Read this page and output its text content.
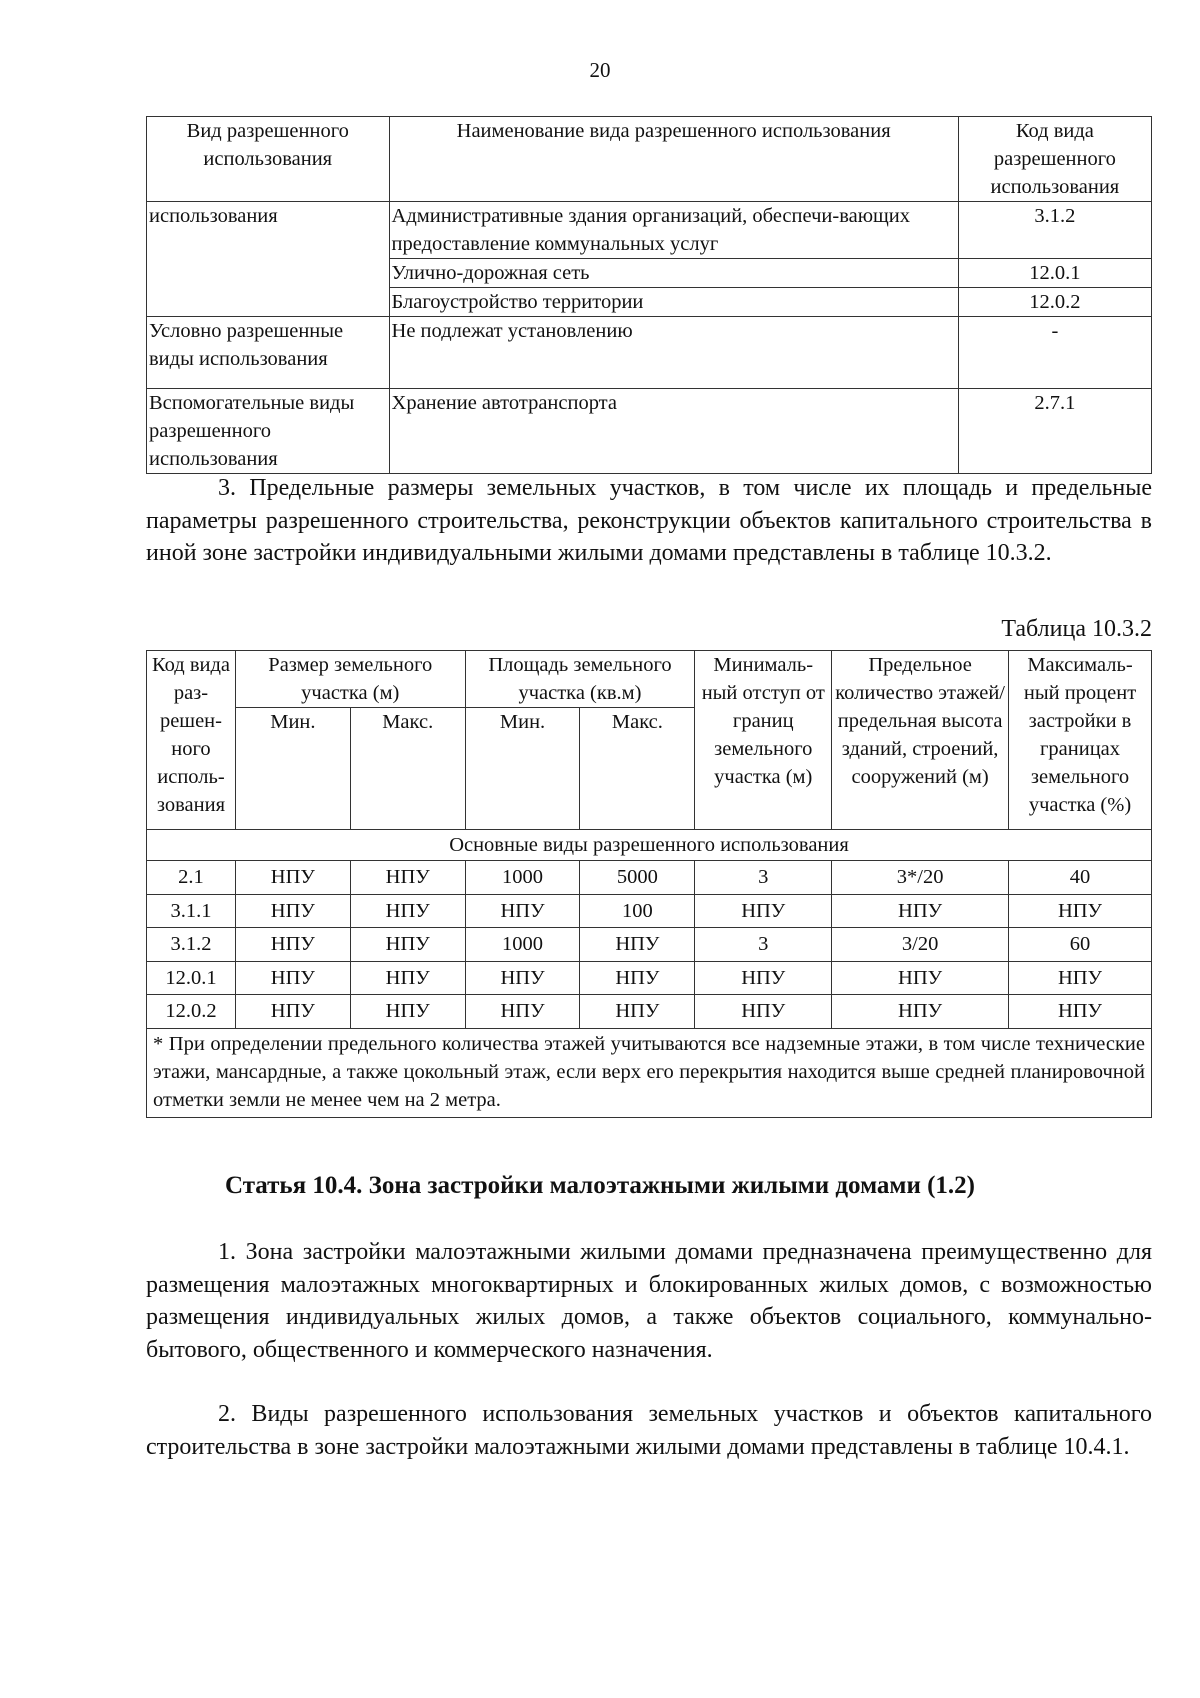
20
Вид разрешенного использования	Наименование вида разрешенного использования	Код вида разрешенного использования
использования	Административные здания организаций, обеспечи-вающих предоставление коммунальных услуг	3.1.2
	Улично-дорожная сеть	12.0.1
	Благоустройство территории	12.0.2
Условно разрешенные виды использования	Не подлежат установлению	-
Вспомогательные виды разрешенного использования	Хранение автотранспорта	2.7.1

3. Предельные размеры земельных участков, в том числе их площадь и предельные параметры разрешенного строительства, реконструкции объектов капитального строительства в иной зоне застройки индивидуальными жилыми домами представлены в таблице 10.3.2.

Таблица 10.3.2
Код вида раз-решен-ного исполь-зования	Размер земельного участка (м)		Площадь земельного участка (кв.м)		Минималь-ный отступ от границ земельного участка (м)	Предельное количество этажей/ предельная высота зданий, строений, сооружений (м)	Максималь-ный процент застройки в границах земельного участка (%)
	Мин.	Макс.	Мин.	Макс.			
Основные виды разрешенного использования							
2.1	НПУ	НПУ	1000	5000	3	3*/20	40
3.1.1	НПУ	НПУ	НПУ	100	НПУ	НПУ	НПУ
3.1.2	НПУ	НПУ	1000	НПУ	3	3/20	60
12.0.1	НПУ	НПУ	НПУ	НПУ	НПУ	НПУ	НПУ
12.0.2	НПУ	НПУ	НПУ	НПУ	НПУ	НПУ	НПУ
* При определении предельного количества этажей учитываются все надземные этажи, в том числе технические этажи, мансардные, а также цокольный этаж, если верх его перекрытия находится выше средней планировочной отметки земли не менее чем на 2 метра.							
Статья 10.4. Зона застройки малоэтажными жилыми домами (1.2)

1. Зона застройки малоэтажными жилыми домами предназначена преимущественно для размещения малоэтажных многоквартирных и блокированных жилых домов, с возможностью размещения индивидуальных жилых домов, а также объектов социального, коммунально-бытового, общественного и коммерческого назначения.

2. Виды разрешенного использования земельных участков и объектов капитального строительства в зоне застройки малоэтажными жилыми домами представлены в таблице 10.4.1.
